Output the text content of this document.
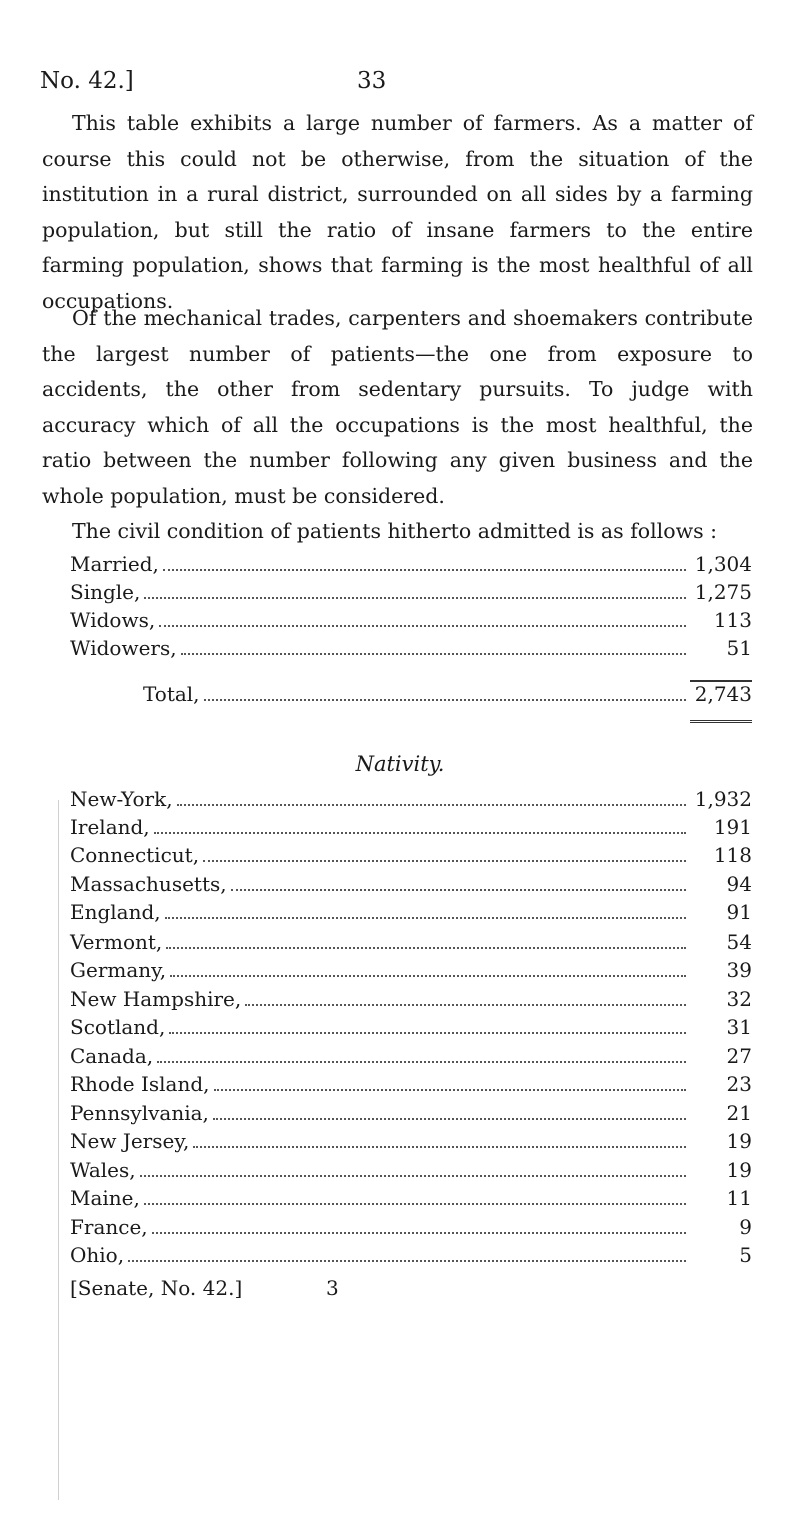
No. 42.]	33

This table exhibits a large number of farmers. As a matter of course this could not be otherwise, from the situation of the institution in a rural district, surrounded on all sides by a farming population, but still the ratio of insane farmers to the entire farming population, shows that farming is the most healthful of all occupations.

Of the mechanical trades, carpenters and shoemakers contribute the largest number of patients—the one from exposure to accidents, the other from sedentary pursuits. To judge with accuracy which of all the occupations is the most healthful, the ratio between the number following any given business and the whole population, must be considered.

The civil condition of patients hitherto admitted is as follows :

Married,	1,304
Single,	1,275
Widows,	113
Widowers,	51
Total,	2,743
Nativity.
New-York,	1,932
Ireland,	191
Connecticut,	118
Massachusetts,	94
England,	91
Vermont,	54
Germany,	39
New Hampshire,	32
Scotland,	31
Canada,	27
Rhode Island,	23
Pennsylvania,	21
New Jersey,	19
Wales,	19
Maine,	11
France,	9
Ohio,	5
[Senate, No. 42.]	3
